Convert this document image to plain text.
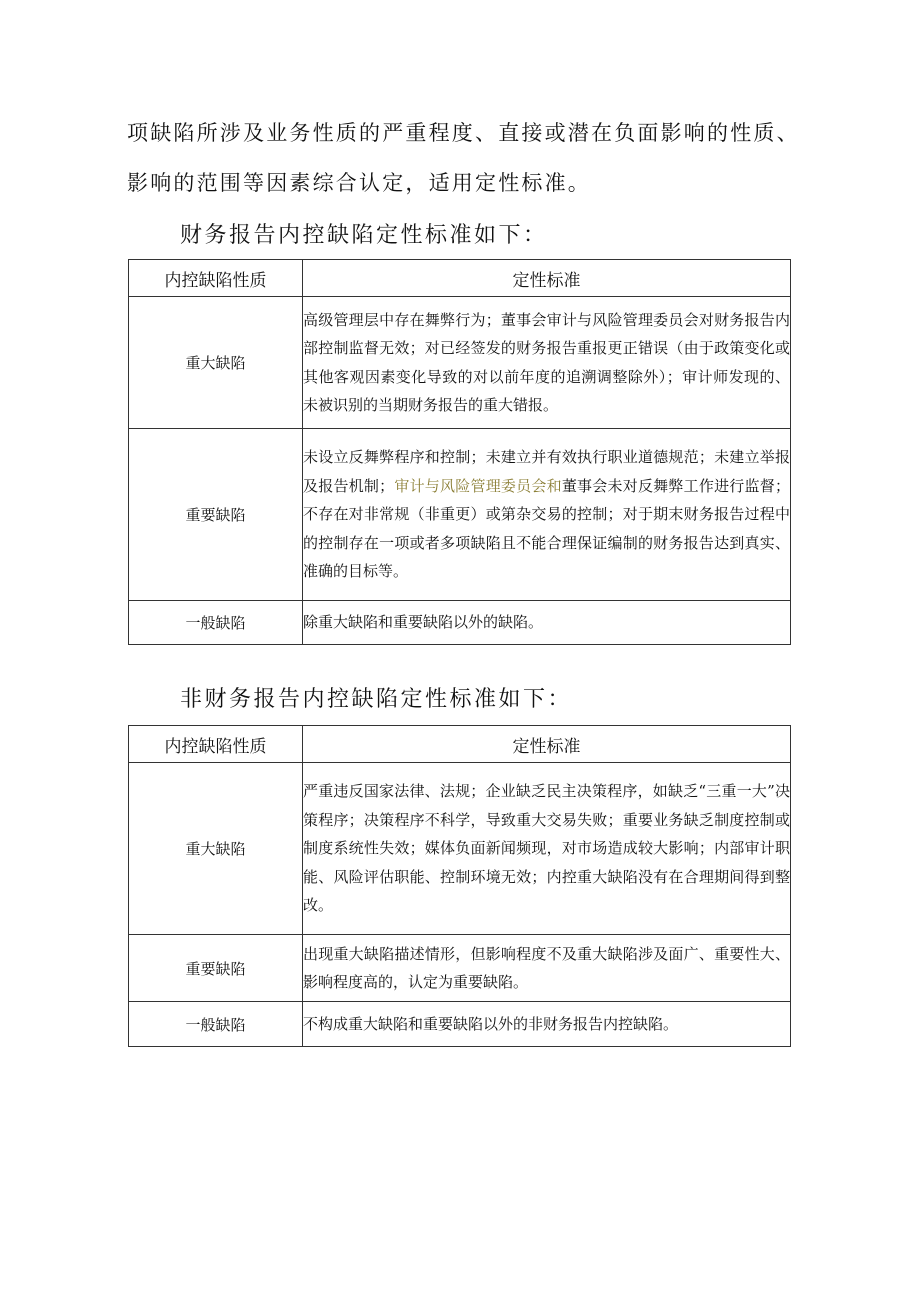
项缺陷所涉及业务性质的严重程度、直接或潜在负面影响的性质、
影响的范围等因素综合认定，适用定性标准。

财务报告内控缺陷定性标准如下：

内控缺陷性质	定性标准
重大缺陷	高级管理层中存在舞弊行为；董事会审计与风险管理委员会对财务报告内部控制监督无效；对已经签发的财务报告重报更正错误（由于政策变化或其他客观因素变化导致的对以前年度的追溯调整除外）；审计师发现的、未被识别的当期财务报告的重大错报。
重要缺陷	未设立反舞弊程序和控制；未建立并有效执行职业道德规范；未建立举报及报告机制；审计与风险管理委员会和董事会未对反舞弊工作进行监督；不存在对非常规（非重更）或第杂交易的控制；对于期末财务报告过程中的控制存在一项或者多项缺陷且不能合理保证编制的财务报告达到真实、准确的目标等。
一般缺陷	除重大缺陷和重要缺陷以外的缺陷。

非财务报告内控缺陷定性标准如下：

内控缺陷性质	定性标准
重大缺陷	严重违反国家法律、法规；企业缺乏民主决策程序，如缺乏“三重一大”决策程序；决策程序不科学，导致重大交易失败；重要业务缺乏制度控制或制度系统性失效；媒体负面新闻频现，对市场造成较大影响；内部审计职能、风险评估职能、控制环境无效；内控重大缺陷没有在合理期间得到整改。
重要缺陷	出现重大缺陷描述情形，但影响程度不及重大缺陷涉及面广、重要性大、影响程度高的，认定为重要缺陷。
一般缺陷	不构成重大缺陷和重要缺陷以外的非财务报告内控缺陷。
